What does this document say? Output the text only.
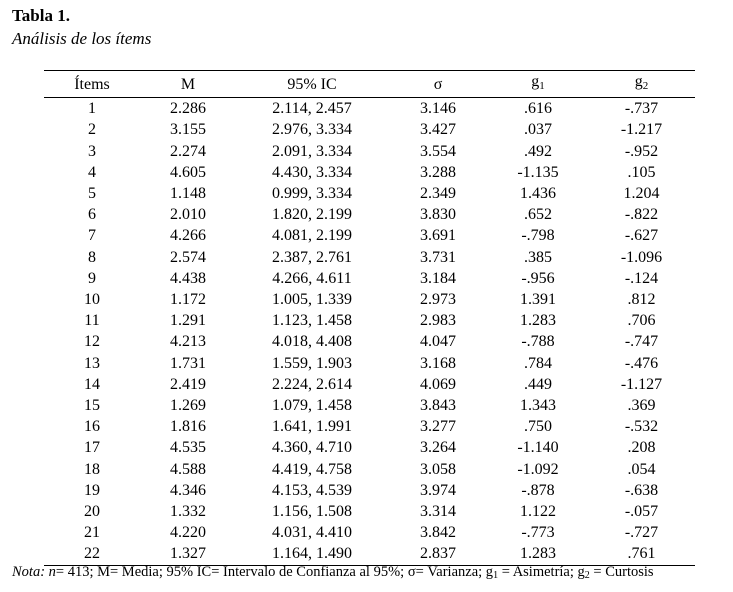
Tabla 1.
Análisis de los ítems
Ítems	M	95% IC	σ	$g_1$	$g_2$
1	2.286	2.114, 2.457	3.146	.616	-.737
2	3.155	2.976, 3.334	3.427	.037	-1.217
3	2.274	2.091, 3.334	3.554	.492	-.952
4	4.605	4.430, 3.334	3.288	-1.135	.105
5	1.148	0.999, 3.334	2.349	1.436	1.204
6	2.010	1.820, 2.199	3.830	.652	-.822
7	4.266	4.081, 2.199	3.691	-.798	-.627
8	2.574	2.387, 2.761	3.731	.385	-1.096
9	4.438	4.266, 4.611	3.184	-.956	-.124
10	1.172	1.005, 1.339	2.973	1.391	.812
11	1.291	1.123, 1.458	2.983	1.283	.706
12	4.213	4.018, 4.408	4.047	-.788	-.747
13	1.731	1.559, 1.903	3.168	.784	-.476
14	2.419	2.224, 2.614	4.069	.449	-1.127
15	1.269	1.079, 1.458	3.843	1.343	.369
16	1.816	1.641, 1.991	3.277	.750	-.532
17	4.535	4.360, 4.710	3.264	-1.140	.208
18	4.588	4.419, 4.758	3.058	-1.092	.054
19	4.346	4.153, 4.539	3.974	-.878	-.638
20	1.332	1.156, 1.508	3.314	1.122	-.057
21	4.220	4.031, 4.410	3.842	-.773	-.727
22	1.327	1.164, 1.490	2.837	1.283	.761
Nota: n= 413; M= Media; 95% IC= Intervalo de Confianza al 95%; σ= Varianza; $g_1$ = Asimetría; $g_2$ = Curtosis
